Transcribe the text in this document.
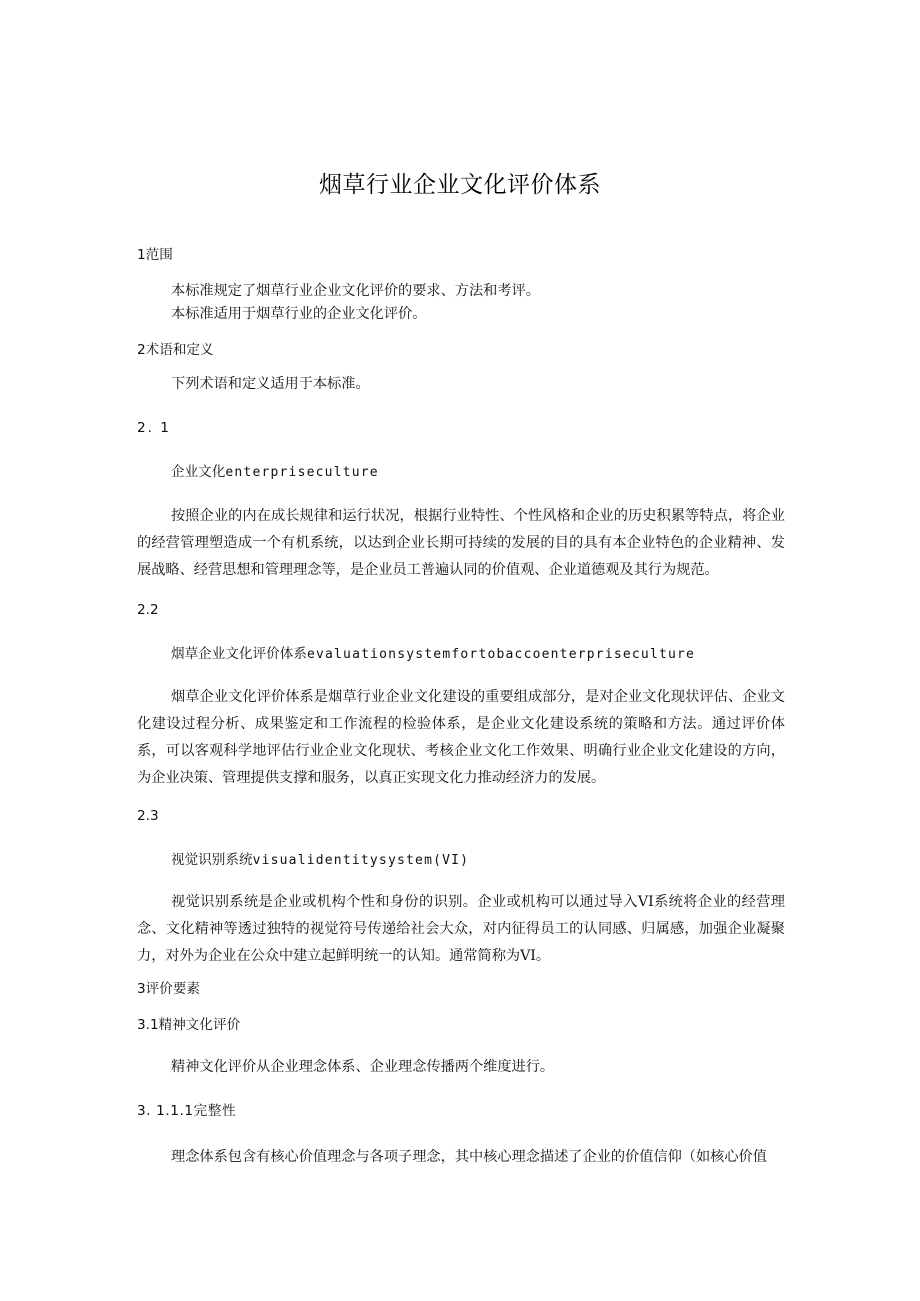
烟草行业企业文化评价体系
1范围
本标准规定了烟草行业企业文化评价的要求、方法和考评。
本标准适用于烟草行业的企业文化评价。
2术语和定义
下列术语和定义适用于本标准。
2. 1
企业文化enterpriseculture
按照企业的内在成长规律和运行状况，根据行业特性、个性风格和企业的历史积累等特点，将企业的经营管理塑造成一个有机系统，以达到企业长期可持续的发展的目的具有本企业特色的企业精神、发展战略、经营思想和管理理念等，是企业员工普遍认同的价值观、企业道德观及其行为规范。
2.2
烟草企业文化评价体系evaluationsystemfortobaccoenterpriseculture
烟草企业文化评价体系是烟草行业企业文化建设的重要组成部分，是对企业文化现状评估、企业文化建设过程分析、成果鉴定和工作流程的检验体系，是企业文化建设系统的策略和方法。通过评价体系，可以客观科学地评估行业企业文化现状、考核企业文化工作效果、明确行业企业文化建设的方向，为企业决策、管理提供支撑和服务，以真正实现文化力推动经济力的发展。
2.3
视觉识别系统visualidentitysystem(VI)
视觉识别系统是企业或机构个性和身份的识别。企业或机构可以通过导入VI系统将企业的经营理念、文化精神等透过独特的视觉符号传递给社会大众，对内征得员工的认同感、归属感，加强企业凝聚力，对外为企业在公众中建立起鲜明统一的认知。通常简称为VI。
3评价要素
3.1精神文化评价
精神文化评价从企业理念体系、企业理念传播两个维度进行。
3. 1.1.1完整性
理念体系包含有核心价值理念与各项子理念，其中核心理念描述了企业的价值信仰（如核心价值
